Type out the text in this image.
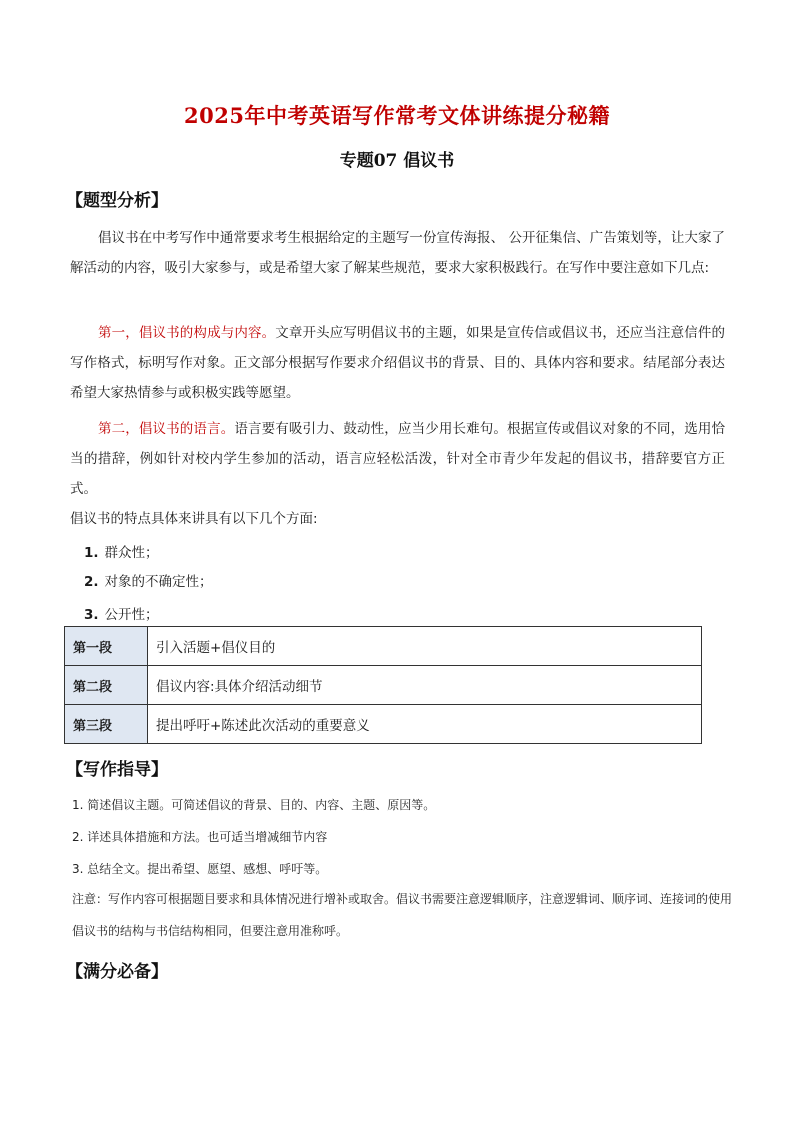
2025年中考英语写作常考文体讲练提分秘籍
专题07 倡议书
【题型分析】
倡议书在中考写作中通常要求考生根据给定的主题写一份宣传海报、 公开征集信、广告策划等，让大家了解活动的内容，吸引大家参与，或是希望大家了解某些规范，要求大家积极践行。在写作中要注意如下几点:
第一，倡议书的构成与内容。文章开头应写明倡议书的主题，如果是宣传信或倡议书，还应当注意信件的写作格式，标明写作对象。正文部分根据写作要求介绍倡议书的背景、目的、具体内容和要求。结尾部分表达希望大家热情参与或积极实践等愿望。
第二，倡议书的语言。语言要有吸引力、鼓动性，应当少用长难句。根据宣传或倡议对象的不同，选用恰当的措辞，例如针对校内学生参加的活动，语言应轻松活泼，针对全市青少年发起的倡议书，措辞要官方正式。
倡议书的特点具体来讲具有以下几个方面:
1. 群众性；
2. 对象的不确定性；
3. 公开性；
第一段	引入活题+倡仪目的
第二段	倡议内容:具体介绍活动细节
第三段	提出呼吁+陈述此次活动的重要意义
【写作指导】
1. 简述倡议主题。可简述倡议的背景、目的、内容、主题、原因等。
2. 详述具体措施和方法。也可适当增减细节内容
3. 总结全文。提出希望、愿望、感想、呼吁等。
注意：写作内容可根据题目要求和具体情况进行增补或取舍。倡议书需要注意逻辑顺序，注意逻辑词、顺序词、连接词的使用倡议书的结构与书信结构相同，但要注意用准称呼。
【满分必备】
